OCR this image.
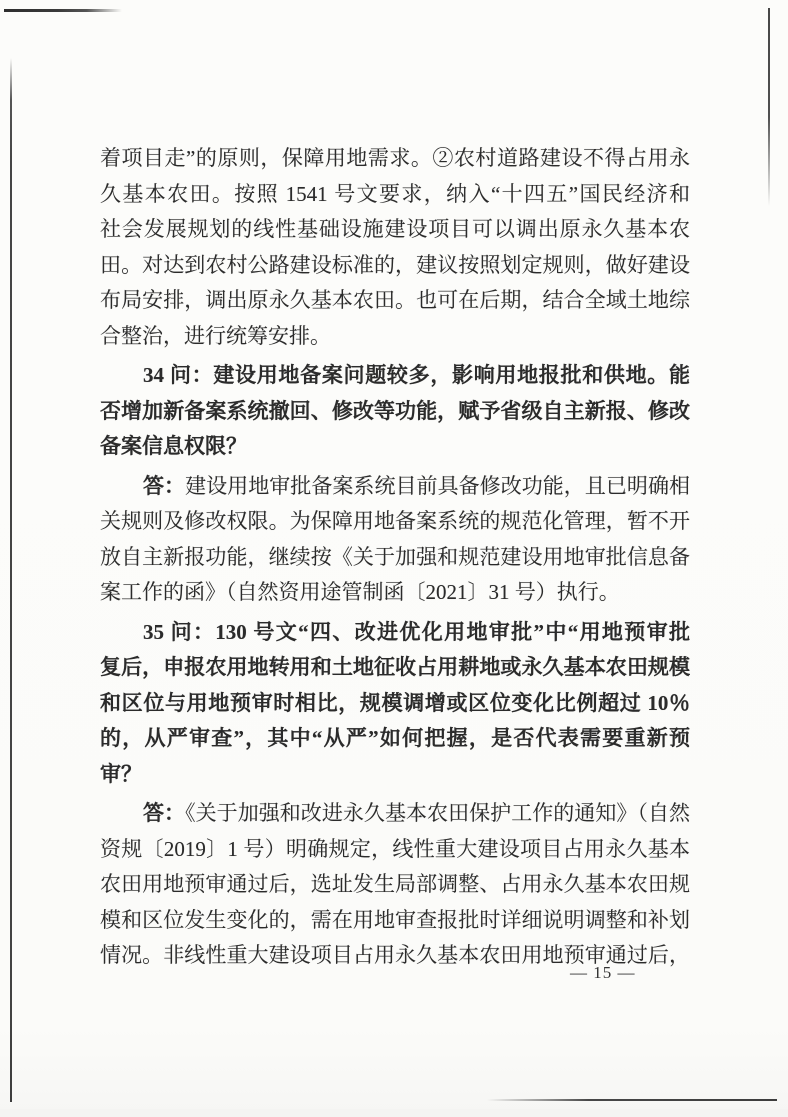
着项目走”的原则，保障用地需求。②农村道路建设不得占用永
久基本农田。按照 1541 号文要求，纳入“十四五”国民经济和
社会发展规划的线性基础设施建设项目可以调出原永久基本农
田。对达到农村公路建设标准的，建议按照划定规则，做好建设
布局安排，调出原永久基本农田。也可在后期，结合全域土地综
合整治，进行统筹安排。
34 问：建设用地备案问题较多，影响用地报批和供地。能
否增加新备案系统撤回、修改等功能，赋予省级自主新报、修改
备案信息权限？
答：建设用地审批备案系统目前具备修改功能，且已明确相
关规则及修改权限。为保障用地备案系统的规范化管理，暂不开
放自主新报功能，继续按《关于加强和规范建设用地审批信息备
案工作的函》（自然资用途管制函〔2021〕31 号）执行。
35 问：130 号文“四、改进优化用地审批”中“用地预审批
复后，申报农用地转用和土地征收占用耕地或永久基本农田规模
和区位与用地预审时相比，规模调增或区位变化比例超过 10％
的，从严审查”，其中“从严”如何把握，是否代表需要重新预
审？
答：《关于加强和改进永久基本农田保护工作的通知》（自然
资规〔2019〕1 号）明确规定，线性重大建设项目占用永久基本
农田用地预审通过后，选址发生局部调整、占用永久基本农田规
模和区位发生变化的，需在用地审查报批时详细说明调整和补划
情况。非线性重大建设项目占用永久基本农田用地预审通过后，
— 15 —
